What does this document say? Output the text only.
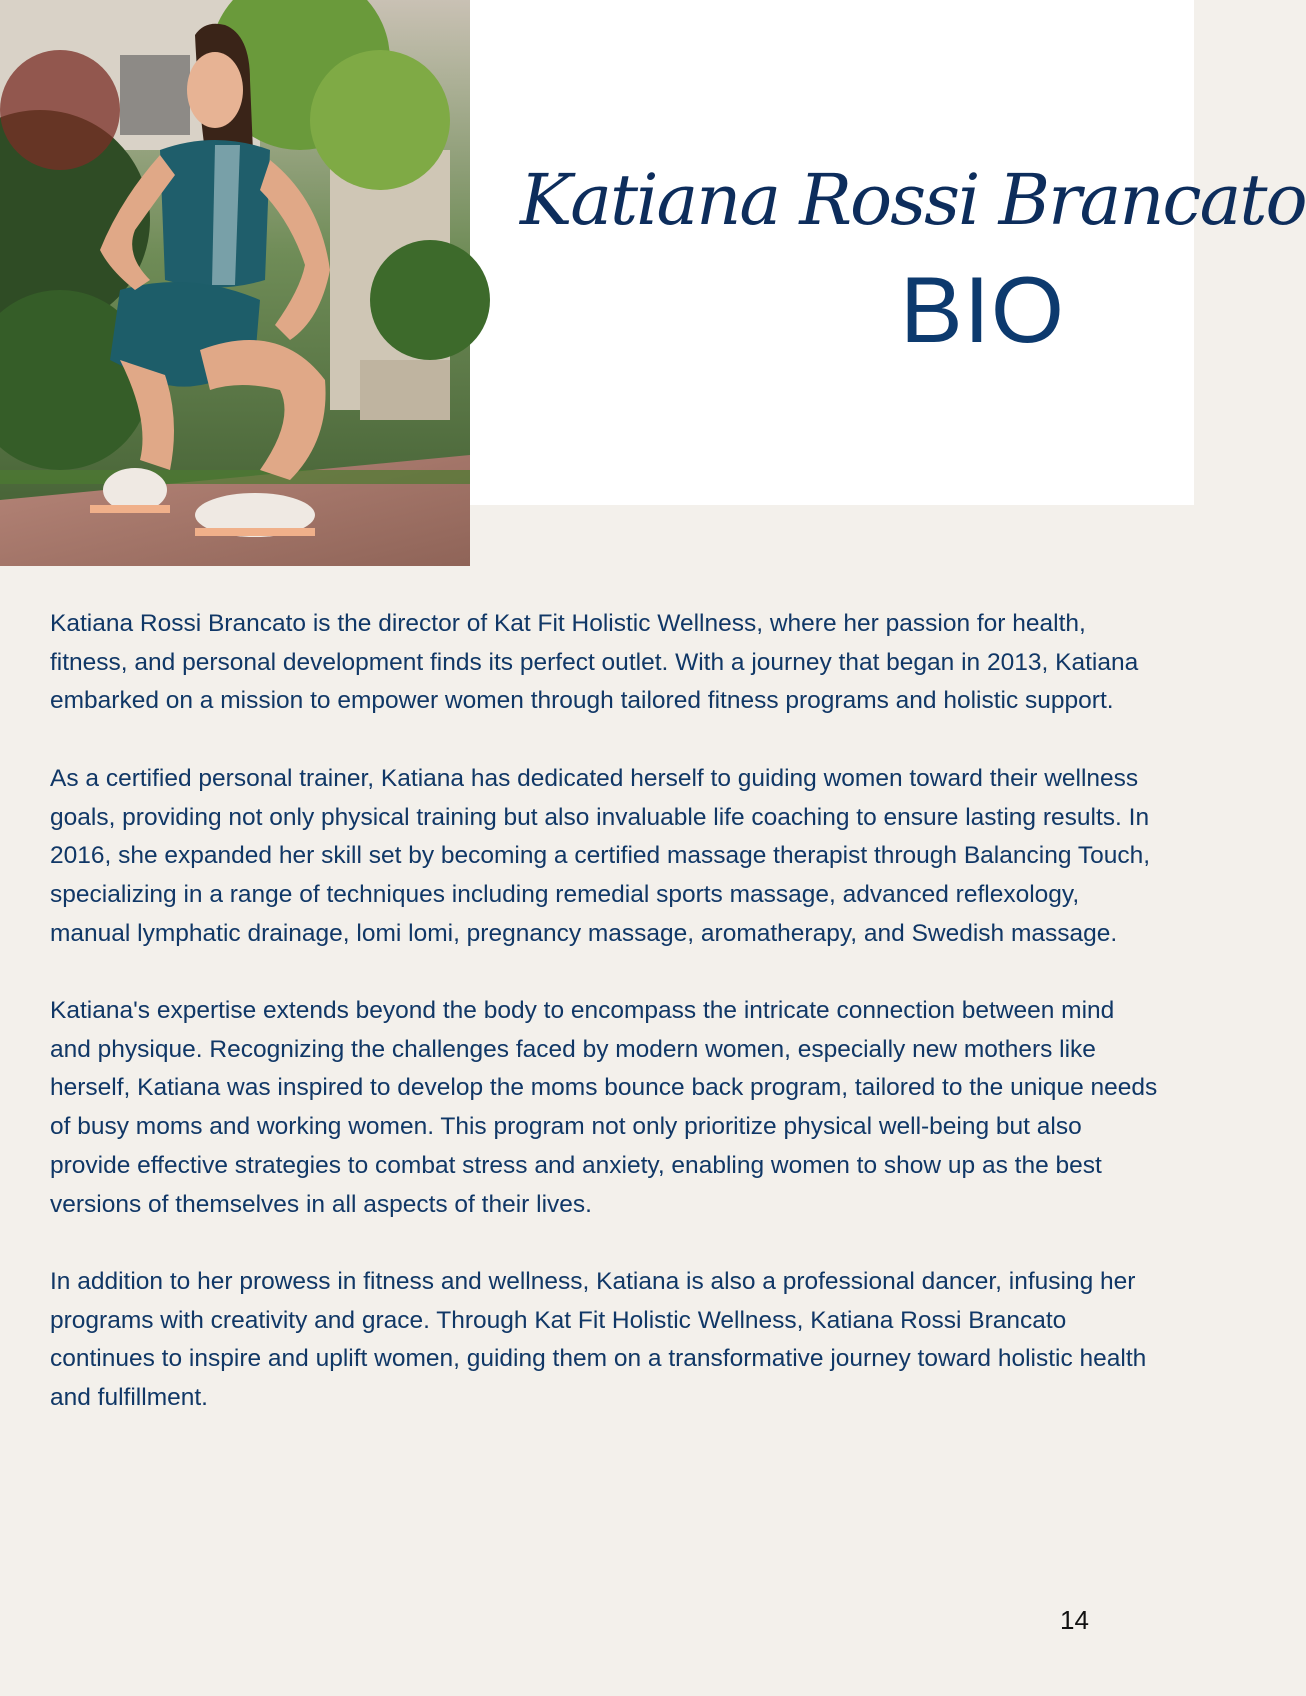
Katiana Rossi Brancato
BIO

Katiana Rossi Brancato is the director of Kat Fit Holistic Wellness, where her passion for health, fitness, and personal development finds its perfect outlet. With a journey that began in 2013, Katiana embarked on a mission to empower women through tailored fitness programs and holistic support.

As a certified personal trainer, Katiana has dedicated herself to guiding women toward their wellness goals, providing not only physical training but also invaluable life coaching to ensure lasting results. In 2016, she expanded her skill set by becoming a certified massage therapist through Balancing Touch, specializing in a range of techniques including remedial sports massage, advanced reflexology, manual lymphatic drainage, lomi lomi, pregnancy massage, aromatherapy, and Swedish massage.

Katiana's expertise extends beyond the body to encompass the intricate connection between mind and physique. Recognizing the challenges faced by modern women, especially new mothers like herself, Katiana was inspired to develop the moms bounce back program, tailored to the unique needs of busy moms and working women. This program not only prioritize physical well-being but also provide effective strategies to combat stress and anxiety, enabling women to show up as the best versions of themselves in all aspects of their lives.

In addition to her prowess in fitness and wellness, Katiana is also a professional dancer, infusing her programs with creativity and grace. Through Kat Fit Holistic Wellness, Katiana Rossi Brancato continues to inspire and uplift women, guiding them on a transformative journey toward holistic health and fulfillment.

14
